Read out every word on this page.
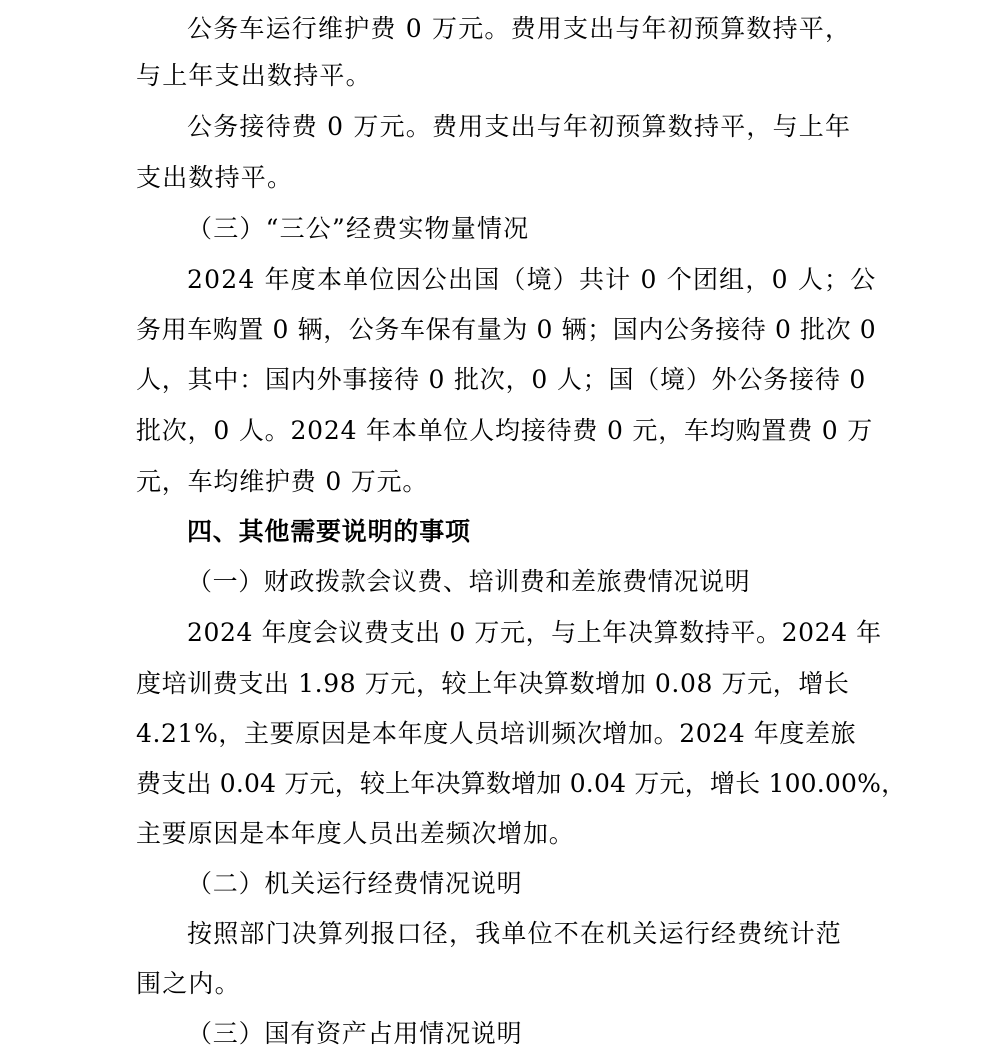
公务车运行维护费 0 万元。费用支出与年初预算数持平，

与上年支出数持平。

公务接待费 0 万元。费用支出与年初预算数持平，与上年

支出数持平。

（三）“三公”经费实物量情况

2024 年度本单位因公出国（境）共计 0 个团组，0 人；公

务用车购置 0 辆，公务车保有量为 0 辆；国内公务接待 0 批次 0

人，其中：国内外事接待 0 批次，0 人；国（境）外公务接待 0

批次，0 人。2024 年本单位人均接待费 0 元，车均购置费 0 万

元，车均维护费 0 万元。

四、其他需要说明的事项

（一）财政拨款会议费、培训费和差旅费情况说明

2024 年度会议费支出 0 万元，与上年决算数持平。2024 年

度培训费支出 1.98 万元，较上年决算数增加 0.08 万元，增长

4.21%，主要原因是本年度人员培训频次增加。2024 年度差旅

费支出 0.04 万元，较上年决算数增加 0.04 万元，增长 100.00%，

主要原因是本年度人员出差频次增加。

（二）机关运行经费情况说明

按照部门决算列报口径，我单位不在机关运行经费统计范

围之内。

（三）国有资产占用情况说明
